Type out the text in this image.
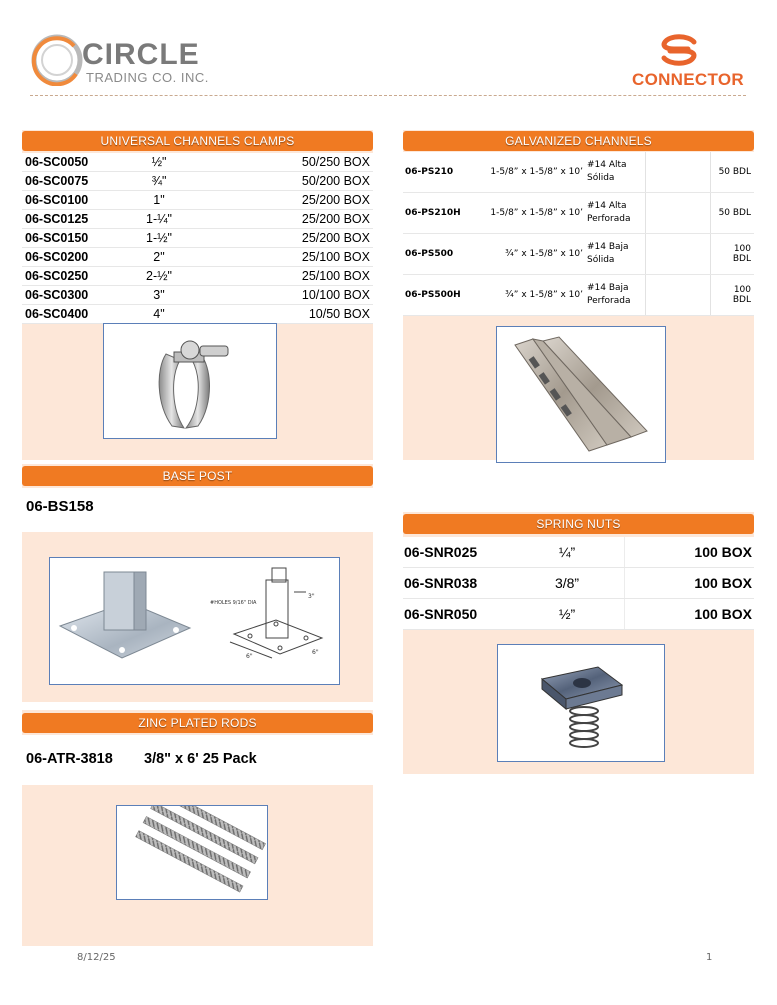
CIRCLE
TRADING CO. INC.	CONNECTOR
UNIVERSAL CHANNELS CLAMPS
06-SC0050	½"	50/250 BOX
06-SC0075	¾"	50/200 BOX
06-SC0100	1"	25/200 BOX
06-SC0125	1-¼"	25/200 BOX
06-SC0150	1-½"	25/200 BOX
06-SC0200	2"	25/100 BOX
06-SC0250	2-½"	25/100 BOX
06-SC0300	3"	10/100 BOX
06-SC0400	4"	10/50 BOX
GALVANIZED CHANNELS
06-PS210	1-5/8” x 1-5/8” x 10’	#14 Alta
Sólida		50 BDL
06-PS210H	1-5/8” x 1-5/8” x 10’	#14 Alta
Perforada		50 BDL
06-PS500	¾” x 1-5/8” x 10’	#14 Baja
Sólida		100 BDL
06-PS500H	¾” x 1-5/8” x 10’	#14 Baja
Perforada		100 BDL
BASE POST
06-BS158
#HOLES 9/16" DIA
3"
6"
6"
SPRING NUTS
06-SNR025	¼”	100 BOX
06-SNR038	3/8”	100 BOX
06-SNR050	½”	100 BOX
ZINC PLATED RODS
06-ATR-3818 3/8" x 6' 25 Pack
8/12/25	1
